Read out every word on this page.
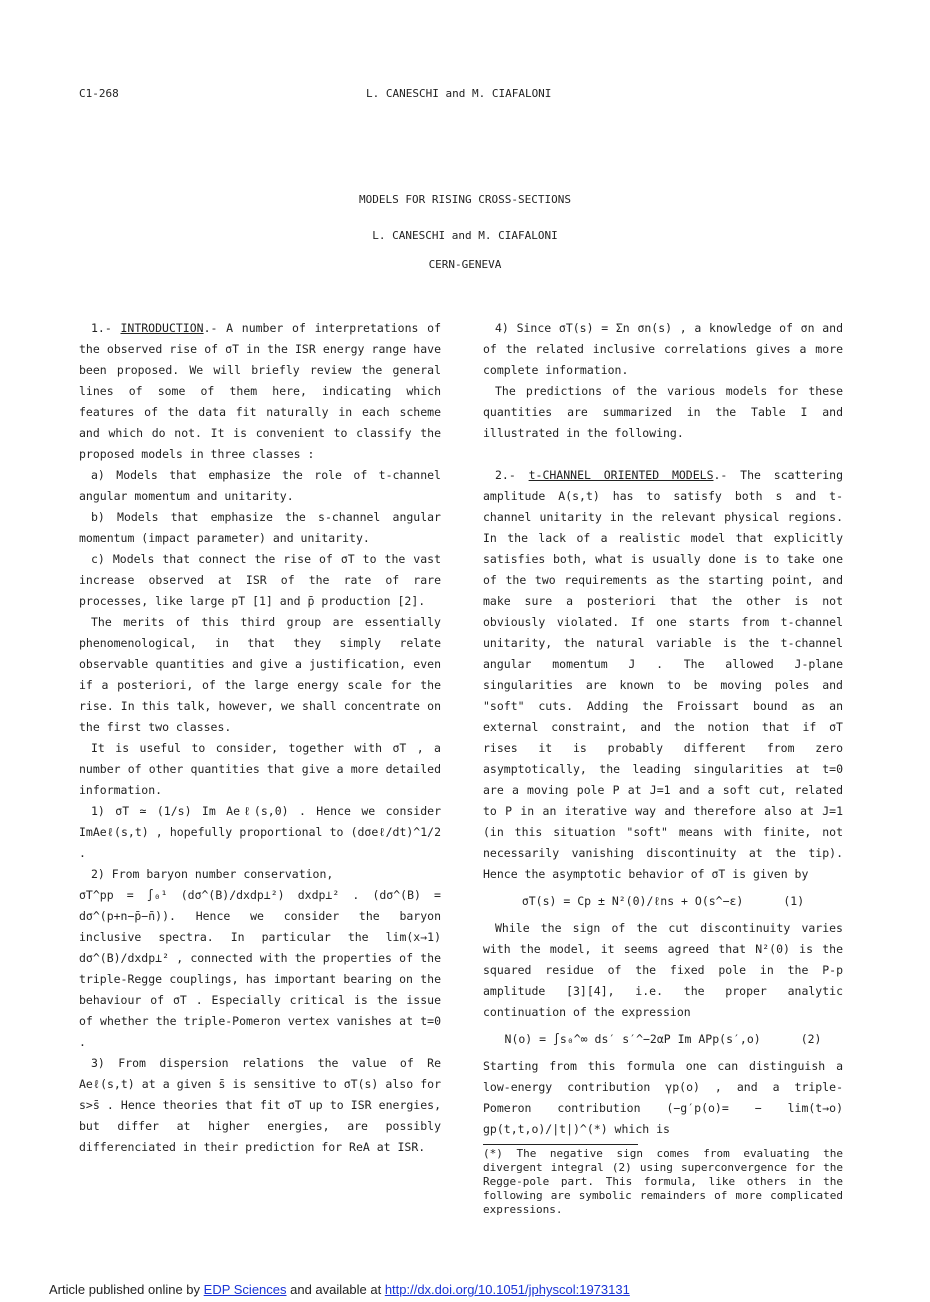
C1-268	L. CANESCHI and M. CIAFALONI
MODELS FOR RISING CROSS-SECTIONS
L. CANESCHI and M. CIAFALONI
CERN-GENEVA

1.- INTRODUCTION.- A number of interpretations of the observed rise of σT in the ISR energy range have been proposed. We will briefly review the general lines of some of them here, indicating which features of the data fit naturally in each scheme and which do not. It is convenient to classify the proposed models in three classes :

a) Models that emphasize the role of t-channel angular momentum and unitarity.

b) Models that emphasize the s-channel angular momentum (impact parameter) and unitarity.

c) Models that connect the rise of σT to the vast increase observed at ISR of the rate of rare processes, like large pT [1] and p̄ production [2].

The merits of this third group are essentially phenomenological, in that they simply relate observable quantities and give a justification, even if a posteriori, of the large energy scale for the rise. In this talk, however, we shall concentrate on the first two classes.

It is useful to consider, together with σT , a number of other quantities that give a more detailed information.

1) σT ≃ (1/s) Im Aeℓ(s,0) . Hence we consider ImAeℓ(s,t) , hopefully proportional to (dσeℓ/dt)^1/2 .

2) From baryon number conservation,

σT^pp = ∫₀¹ (dσ^(B)/dxdp⊥²) dxdp⊥² . (dσ^(B) = dσ^(p+n−p̄−n̄)). Hence we consider the baryon inclusive spectra. In particular the lim(x→1) dσ^(B)/dxdp⊥² , connected with the properties of the triple-Regge couplings, has important bearing on the behaviour of σT . Especially critical is the issue of whether the triple-Pomeron vertex vanishes at t=0 .

3) From dispersion relations the value of Re Aeℓ(s,t) at a given s̄ is sensitive to σT(s) also for s>s̄ . Hence theories that fit σT up to ISR energies, but differ at higher energies, are possibly differenciated in their prediction for ReA at ISR.

4) Since σT(s) = Σn σn(s) , a knowledge of σn and of the related inclusive correlations gives a more complete information.

The predictions of the various models for these quantities are summarized in the Table I and illustrated in the following.

2.- t-CHANNEL ORIENTED MODELS.- The scattering amplitude A(s,t) has to satisfy both s and t-channel unitarity in the relevant physical regions. In the lack of a realistic model that explicitly satisfies both, what is usually done is to take one of the two requirements as the starting point, and make sure a posteriori that the other is not obviously violated. If one starts from t-channel unitarity, the natural variable is the t-channel angular momentum J . The allowed J-plane singularities are known to be moving poles and "soft" cuts. Adding the Froissart bound as an external constraint, and the notion that if σT rises it is probably different from zero asymptotically, the leading singularities at t=0 are a moving pole P at J=1 and a soft cut, related to P in an iterative way and therefore also at J=1 (in this situation "soft" means with finite, not necessarily vanishing discontinuity at the tip). Hence the asymptotic behavior of σT is given by

σT(s) = Cp ± N²(0)/ℓns + O(s^−ε)	(1)

While the sign of the cut discontinuity varies with the model, it seems agreed that N²(0) is the squared residue of the fixed pole in the P-p amplitude [3][4], i.e. the proper analytic continuation of the expression

N(o) = ∫s₀^∞ ds′ s′^−2αP Im APp(s′,o)	(2)

Starting from this formula one can distinguish a low-energy contribution γp(o) , and a triple-Pomeron contribution (−g′p(o)= − lim(t→o) gp(t,t,o)/|t|)^(*) which is

(*) The negative sign comes from evaluating the divergent integral (2) using superconvergence for the Regge-pole part. This formula, like others in the following are symbolic remainders of more complicated expressions.

Article published online by EDP Sciences and available at http://dx.doi.org/10.1051/jphyscol:1973131
